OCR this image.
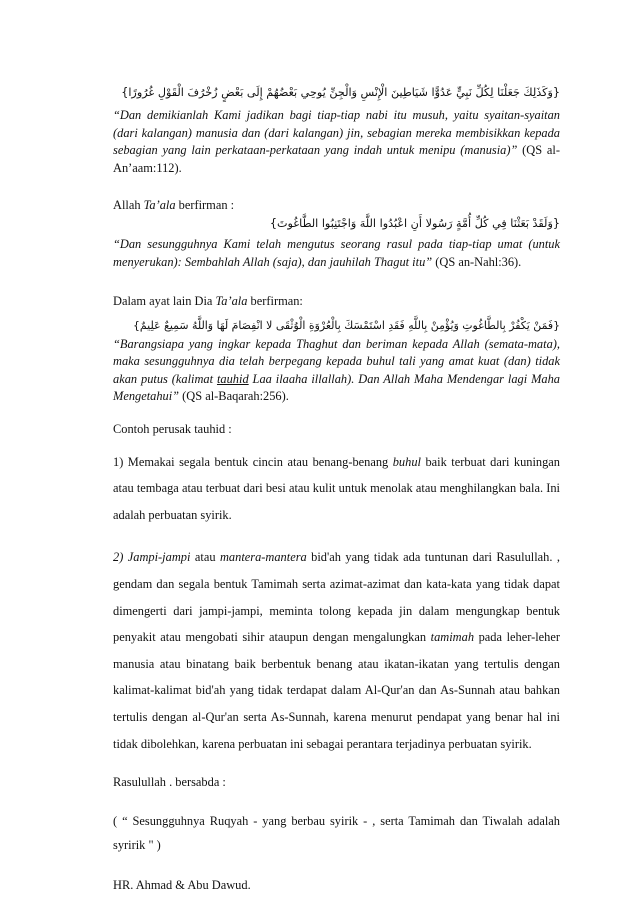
{وَكَذَلِكَ جَعَلْنَا لِكُلِّ نَبِيٍّ عَدُوًّا شَيَاطِينَ الْإِنْسِ وَالْجِنِّ يُوحِي بَعْضُهُمْ إِلَى بَعْضٍ زُخْرُفَ الْقَوْلِ غُرُورًا}

“Dan demikianlah Kami jadikan bagi tiap-tiap nabi itu musuh, yaitu syaitan-syaitan (dari kalangan) manusia dan (dari kalangan) jin, sebagian mereka membisikkan kepada sebagian yang lain perkataan-perkataan yang indah untuk menipu (manusia)” (QS al-An’aam:112).

Allah Ta’ala berfirman :

{وَلَقَدْ بَعَثْنَا فِي كُلِّ أُمَّةٍ رَسُولا أَنِ اعْبُدُوا اللَّهَ وَاجْتَنِبُوا الطَّاغُوتَ}

“Dan sesungguhnya Kami telah mengutus seorang rasul pada tiap-tiap umat (untuk menyerukan): Sembahlah Allah (saja), dan jauhilah Thagut itu” (QS an-Nahl:36).

Dalam ayat lain Dia Ta’ala berfirman:

{فَمَنْ يَكْفُرْ بِالطَّاغُوتِ وَيُؤْمِنْ بِاللَّهِ فَقَدِ اسْتَمْسَكَ بِالْعُرْوَةِ الْوُثْقَى لا انْفِصَامَ لَهَا وَاللَّهُ سَمِيعٌ عَلِيمٌ}

“Barangsiapa yang ingkar kepada Thaghut dan beriman kepada Allah (semata-mata), maka sesungguhnya dia telah berpegang kepada buhul tali yang amat kuat (dan) tidak akan putus (kalimat tauhid Laa ilaaha illallah). Dan Allah Maha Mendengar lagi Maha Mengetahui” (QS al-Baqarah:256).

Contoh perusak tauhid :

1) Memakai segala bentuk cincin atau benang-benang buhul baik terbuat dari kuningan atau tembaga atau terbuat dari besi atau kulit untuk menolak atau menghilangkan bala. Ini adalah perbuatan syirik.

2) Jampi-jampi atau mantera-mantera bid'ah yang tidak ada tuntunan dari Rasulullah. , gendam dan segala bentuk Tamimah serta azimat-azimat dan kata-kata yang tidak dapat dimengerti dari jampi-jampi, meminta tolong kepada jin dalam mengungkap bentuk penyakit atau mengobati sihir ataupun dengan mengalungkan tamimah pada leher-leher manusia atau binatang baik berbentuk benang atau ikatan-ikatan yang tertulis dengan kalimat-kalimat bid'ah yang tidak terdapat dalam Al-Qur'an dan As-Sunnah atau bahkan tertulis dengan al-Qur'an serta As-Sunnah, karena menurut pendapat yang benar hal ini tidak dibolehkan, karena perbuatan ini sebagai perantara terjadinya perbuatan syirik.

Rasulullah . bersabda :

( “ Sesungguhnya Ruqyah - yang berbau syirik - , serta Tamimah dan Tiwalah adalah syririk " )

HR. Ahmad & Abu Dawud.
